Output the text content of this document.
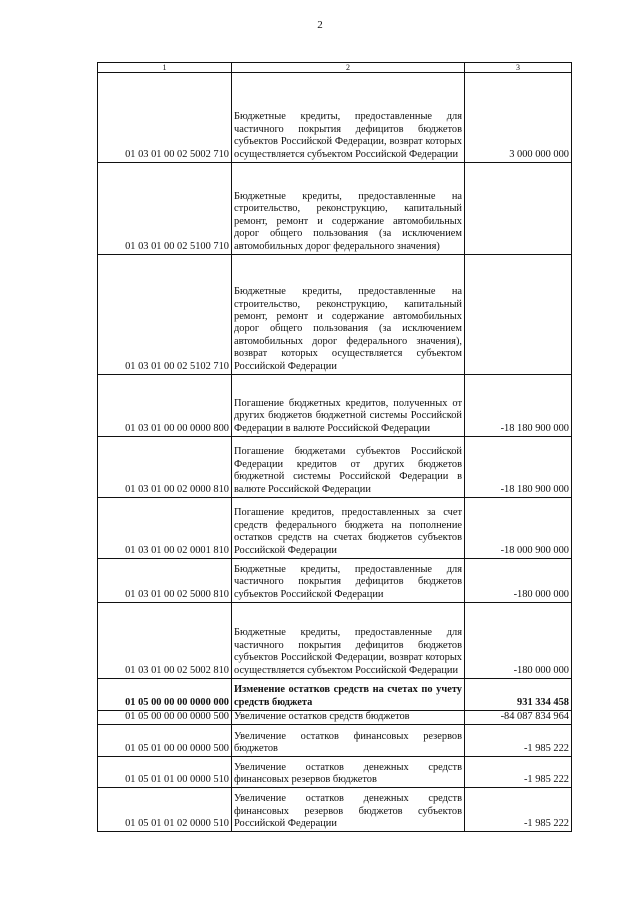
2
1	2	3
01 03 01 00 02 5002 710	Бюджетные кредиты, предоставленные для частичного покрытия дефицитов бюджетов субъектов Российской Федерации, возврат которых осуществляется субъектом Российской Федерации	3 000 000 000
01 03 01 00 02 5100 710	Бюджетные кредиты, предоставленные на строительство, реконструкцию, капитальный ремонт, ремонт и содержание автомобильных дорог общего пользования (за исключением автомобильных дорог федерального значения)	
01 03 01 00 02 5102 710	Бюджетные кредиты, предоставленные на строительство, реконструкцию, капитальный ремонт, ремонт и содержание автомобильных дорог общего пользования (за исключением автомобильных дорог федерального значения), возврат которых осуществляется субъектом Российской Федерации	
01 03 01 00 00 0000 800	Погашение бюджетных кредитов, полученных от других бюджетов бюджетной системы Российской Федерации в валюте Российской Федерации	-18 180 900 000
01 03 01 00 02 0000 810	Погашение бюджетами субъектов Российской Федерации кредитов от других бюджетов бюджетной системы Российской Федерации в валюте Российской Федерации	-18 180 900 000
01 03 01 00 02 0001 810	Погашение кредитов, предоставленных за счет средств федерального бюджета на пополнение остатков средств на счетах бюджетов субъектов Российской Федерации	-18 000 900 000
01 03 01 00 02 5000 810	Бюджетные кредиты, предоставленные для частичного покрытия дефицитов бюджетов субъектов Российской Федерации	-180 000 000
01 03 01 00 02 5002 810	Бюджетные кредиты, предоставленные для частичного покрытия дефицитов бюджетов субъектов Российской Федерации, возврат которых осуществляется субъектом Российской Федерации	-180 000 000
01 05 00 00 00 0000 000	Изменение остатков средств на счетах по учету средств бюджета	931 334 458
01 05 00 00 00 0000 500	Увеличение остатков средств бюджетов	-84 087 834 964
01 05 01 00 00 0000 500	Увеличение остатков финансовых резервов бюджетов	-1 985 222
01 05 01 01 00 0000 510	Увеличение остатков денежных средств финансовых резервов бюджетов	-1 985 222
01 05 01 01 02 0000 510	Увеличение остатков денежных средств финансовых резервов бюджетов субъектов Российской Федерации	-1 985 222
